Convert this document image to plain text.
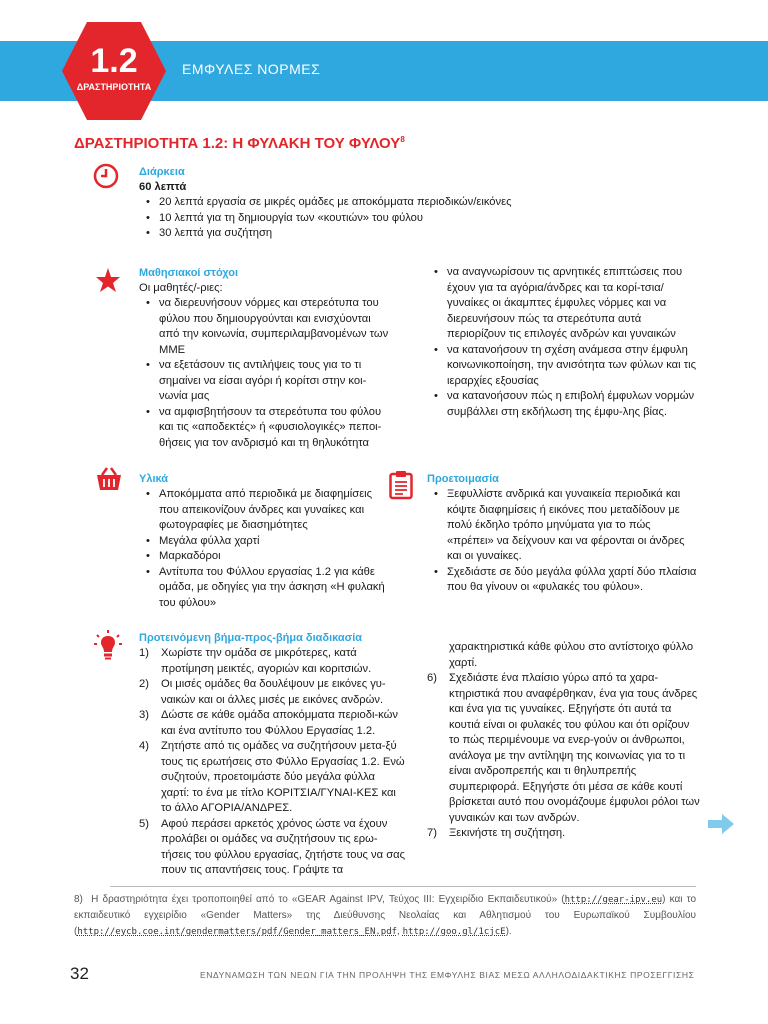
1.2
ΔΡΑΣΤΗΡΙΟΤΗΤΑ
ΕΜΦΥΛΕΣ ΝΟΡΜΕΣ
ΔΡΑΣΤΗΡΙΟΤΗΤΑ 1.2: Η ΦΥΛΑΚΗ ΤΟΥ ΦΥΛΟΥ$^8$
Διάρκεια
60 λεπτά
• 20 λεπτά εργασία σε μικρές ομάδες με αποκόμματα περιοδικών/εικόνες
• 10 λεπτά για τη δημιουργία των «κουτιών» του φύλου
• 30 λεπτά για συζήτηση
Μαθησιακοί στόχοι
Οι μαθητές/-ριες:
• να διερευνήσουν νόρμες και στερεότυπα του φύλου που δημιουργούνται και ενισχύονται από την κοινωνία, συμπεριλαμβανομένων των ΜΜΕ
• να εξετάσουν τις αντιλήψεις τους για το τι σημαίνει να είσαι αγόρι ή κορίτσι στην κοι-νωνία μας
• να αμφισβητήσουν τα στερεότυπα του φύλου και τις «αποδεκτές» ή «φυσιολογικές» πεποι-θήσεις για τον ανδρισμό και τη θηλυκότητα
• να αναγνωρίσουν τις αρνητικές επιπτώσεις που έχουν για τα αγόρια/άνδρες και τα κορί-τσια/γυναίκες οι άκαμπτες έμφυλες νόρμες και να διερευνήσουν πώς τα στερεότυπα αυτά περιορίζουν τις επιλογές ανδρών και γυναικών
• να κατανοήσουν τη σχέση ανάμεσα στην έμφυλη κοινωνικοποίηση, την ανισότητα των φύλων και τις ιεραρχίες εξουσίας
• να κατανοήσουν πώς η επιβολή έμφυλων νορμών συμβάλλει στη εκδήλωση της έμφυ-λης βίας.
Υλικά
• Αποκόμματα από περιοδικά με διαφημίσεις που απεικονίζουν άνδρες και γυναίκες και φωτογραφίες με διασημότητες
• Μεγάλα φύλλα χαρτί
• Μαρκαδόροι
• Αντίτυπα του Φύλλου εργασίας 1.2 για κάθε ομάδα, με οδηγίες για την άσκηση «Η φυλακή του φύλου»
Προετοιμασία
• Ξεφυλλίστε ανδρικά και γυναικεία περιοδικά και κόψτε διαφημίσεις ή εικόνες που μεταδίδουν με πολύ έκδηλο τρόπο μηνύματα για το πώς «πρέπει» να δείχνουν και να φέρονται οι άνδρες και οι γυναίκες.
• Σχεδιάστε σε δύο μεγάλα φύλλα χαρτί δύο πλαίσια που θα γίνουν οι «φυλακές του φύλου».
Προτεινόμενη βήμα-προς-βήμα διαδικασία
1) Χωρίστε την ομάδα σε μικρότερες, κατά προτίμηση μεικτές, αγοριών και κοριτσιών.
2) Οι μισές ομάδες θα δουλέψουν με εικόνες γυ-ναικών και οι άλλες μισές με εικόνες ανδρών.
3) Δώστε σε κάθε ομάδα αποκόμματα περιοδι-κών και ένα αντίτυπο του Φύλλου Εργασίας 1.2.
4) Ζητήστε από τις ομάδες να συζητήσουν μετα-ξύ τους τις ερωτήσεις στο Φύλλο Εργασίας 1.2. Ενώ συζητούν, προετοιμάστε δύο μεγάλα φύλλα χαρτί: το ένα με τίτλο ΚΟΡΙΤΣΙΑ/ΓΥΝΑΙ-ΚΕΣ και το άλλο ΑΓΟΡΙΑ/ΑΝΔΡΕΣ.
5) Αφού περάσει αρκετός χρόνος ώστε να έχουν προλάβει οι ομάδες να συζητήσουν τις ερω-τήσεις του φύλλου εργασίας, ζητήστε τους να σας πουν τις απαντήσεις τους. Γράψτε τα
χαρακτηριστικά κάθε φύλου στο αντίστοιχο φύλλο χαρτί.
6) Σχεδιάστε ένα πλαίσιο γύρω από τα χαρα-κτηριστικά που αναφέρθηκαν, ένα για τους άνδρες και ένα για τις γυναίκες. Εξηγήστε ότι αυτά τα κουτιά είναι οι φυλακές του φύλου και ότι ορίζουν το πώς περιμένουμε να ενερ-γούν οι άνθρωποι, ανάλογα με την αντίληψη της κοινωνίας για το τι είναι ανδροπρεπής και τι θηλυπρεπής συμπεριφορά. Εξηγήστε ότι μέσα σε κάθε κουτί βρίσκεται αυτό που ονομάζουμε έμφυλοι ρόλοι των γυναικών και των ανδρών.
7) Ξεκινήστε τη συζήτηση.
8) Η δραστηριότητα έχει τροποποιηθεί από το «GEAR Against IPV, Τεύχος ΙΙΙ: Εγχειρίδιο Εκπαιδευτικού» (http://gear-ipv.eu) και το εκπαιδευτικό εγχειρίδιο «Gender Matters» της Διεύθυνσης Νεολαίας και Αθλητισμού του Ευρωπαϊκού Συμβουλίου (http://eycb.coe.int/gendermatters/pdf/Gender_matters_EN.pdf, http://goo.gl/1cjcE).
32	ΕΝΔΥΝΑΜΩΣΗ ΤΩΝ ΝΕΩΝ ΓΙΑ ΤΗΝ ΠΡΟΛΗΨΗ ΤΗΣ ΕΜΦΥΛΗΣ ΒΙΑΣ ΜΕΣΩ ΑΛΛΗΛΟΔΙΔΑΚΤΙΚΗΣ ΠΡΟΣΕΓΓΙΣΗΣ
